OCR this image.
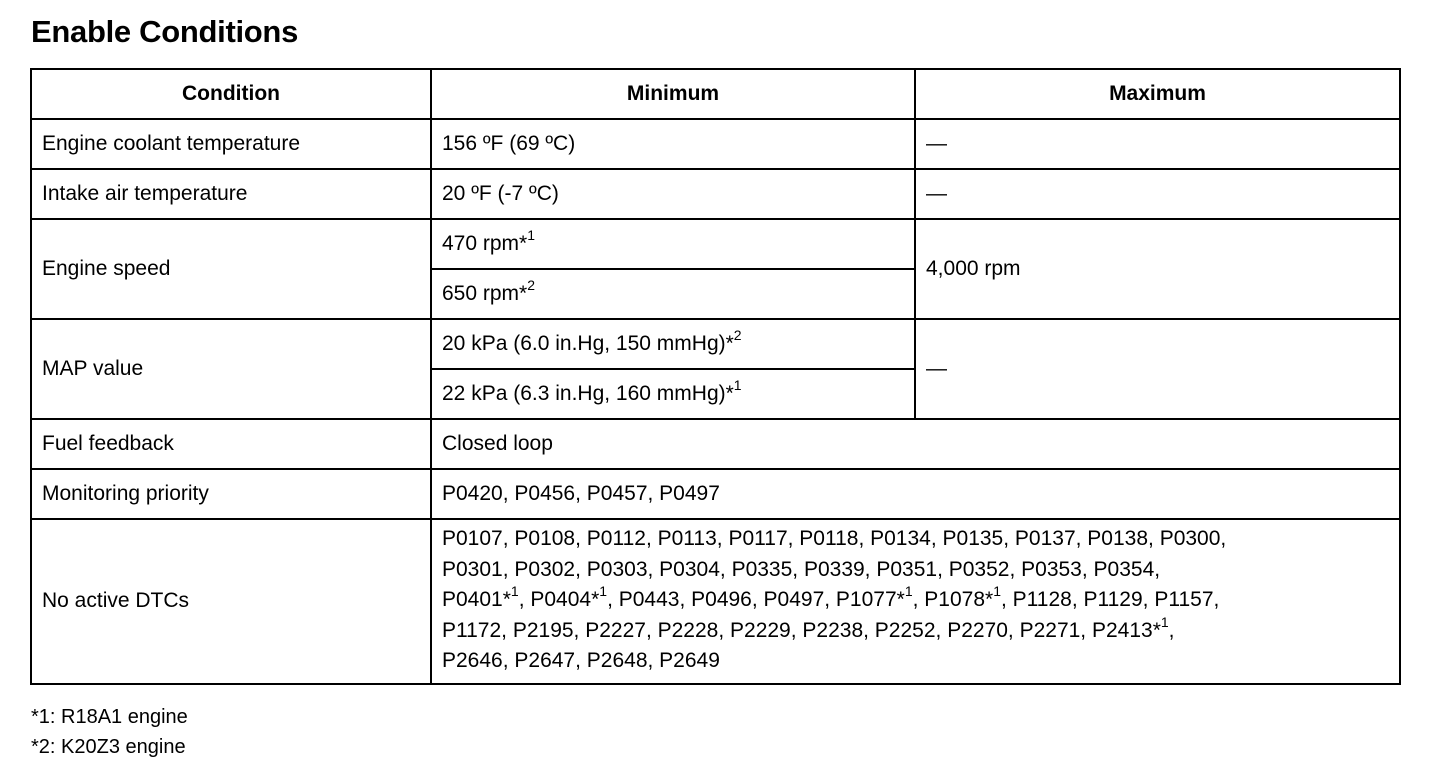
Enable Conditions
Condition	Minimum	Maximum
Engine coolant temperature	156 ºF (69 ºC)	—
Intake air temperature	20 ºF (-7 ºC)	—
Engine speed	470 rpm*$^1$	4,000 rpm
	650 rpm*$^2$
MAP value	20 kPa (6.0 in.Hg, 150 mmHg)*$^2$	—
	22 kPa (6.3 in.Hg, 160 mmHg)*$^1$
Fuel feedback	Closed loop	
Monitoring priority	P0420, P0456, P0457, P0497	
No active DTCs	P0107, P0108, P0112, P0113, P0117, P0118, P0134, P0135, P0137, P0138, P0300,
P0301, P0302, P0303, P0304, P0335, P0339, P0351, P0352, P0353, P0354,
P0401*$^1$, P0404*$^1$, P0443, P0496, P0497, P1077*$^1$, P1078*$^1$, P1128, P1129, P1157,
P1172, P2195, P2227, P2228, P2229, P2238, P2252, P2270, P2271, P2413*$^1$,
P2646, P2647, P2648, P2649	
*1: R18A1 engine
*2: K20Z3 engine
